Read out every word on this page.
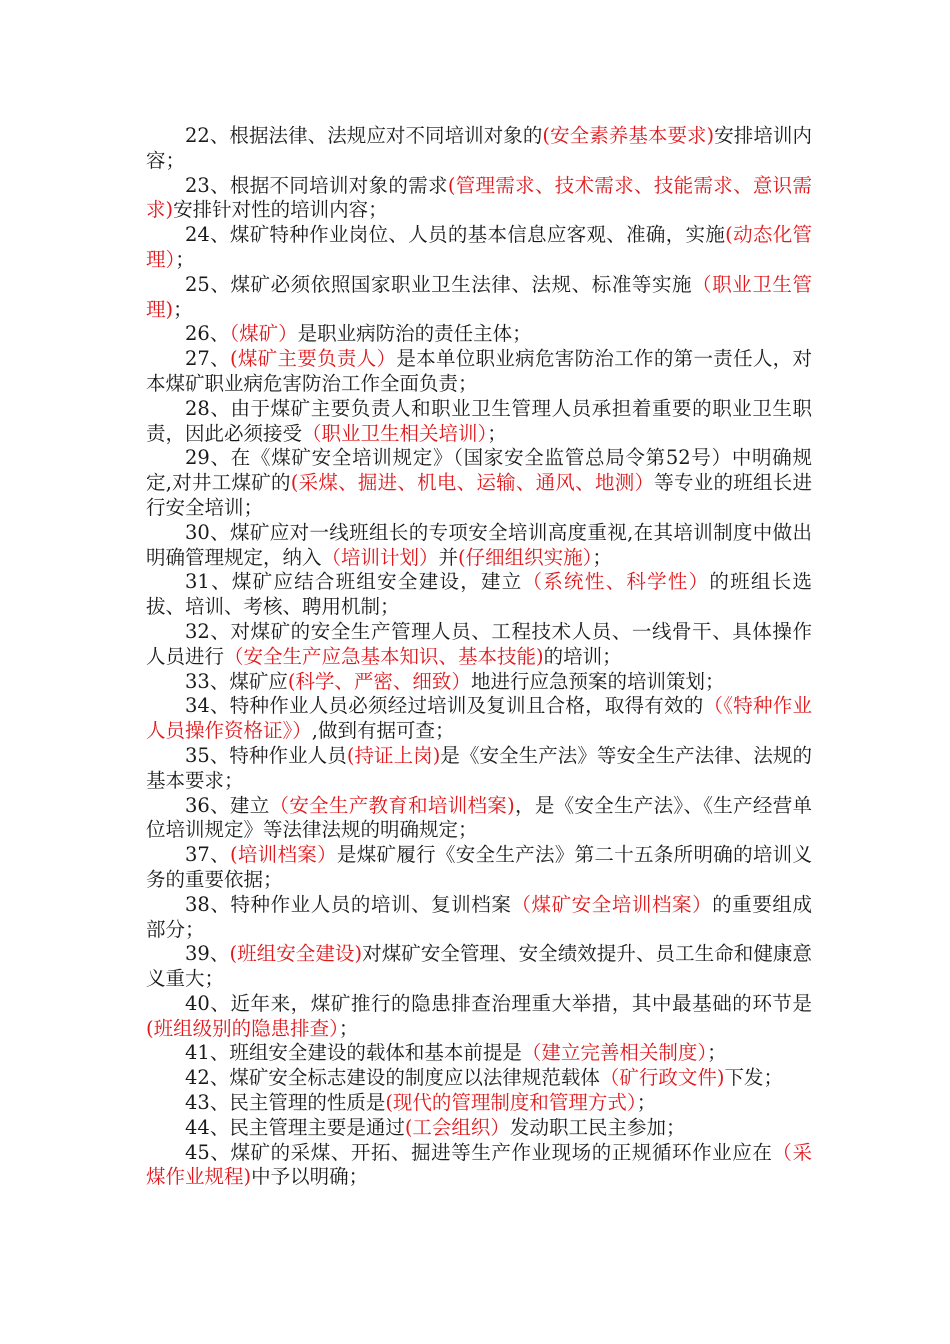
22、根据法律、法规应对不同培训对象的(安全素养基本要求)安排培训内容；

23、根据不同培训对象的需求(管理需求、技术需求、技能需求、意识需求)安排针对性的培训内容；

24、煤矿特种作业岗位、人员的基本信息应客观、准确，实施(动态化管理）；

25、煤矿必须依照国家职业卫生法律、法规、标准等实施（职业卫生管理)；

26、（煤矿）是职业病防治的责任主体；

27、(煤矿主要负责人）是本单位职业病危害防治工作的第一责任人，对本煤矿职业病危害防治工作全面负责；

28、由于煤矿主要负责人和职业卫生管理人员承担着重要的职业卫生职责，因此必须接受（职业卫生相关培训）；

29、在《煤矿安全培训规定》（国家安全监管总局令第52号）中明确规定,对井工煤矿的(采煤、掘进、机电、运输、通风、地测）等专业的班组长进行安全培训；

30、煤矿应对一线班组长的专项安全培训高度重视,在其培训制度中做出明确管理规定，纳入（培训计划）并(仔细组织实施）；

31、煤矿应结合班组安全建设，建立（系统性、科学性）的班组长选拔、培训、考核、聘用机制；

32、对煤矿的安全生产管理人员、工程技术人员、一线骨干、具体操作人员进行（安全生产应急基本知识、基本技能)的培训；

33、煤矿应(科学、严密、细致）地进行应急预案的培训策划；

34、特种作业人员必须经过培训及复训且合格，取得有效的（《特种作业人员操作资格证》）,做到有据可查；

35、特种作业人员(持证上岗)是《安全生产法》等安全生产法律、法规的基本要求；

36、建立（安全生产教育和培训档案)，是《安全生产法》、《生产经营单位培训规定》等法律法规的明确规定；

37、(培训档案）是煤矿履行《安全生产法》第二十五条所明确的培训义务的重要依据；

38、特种作业人员的培训、复训档案（煤矿安全培训档案）的重要组成部分；

39、(班组安全建设)对煤矿安全管理、安全绩效提升、员工生命和健康意义重大；

40、近年来，煤矿推行的隐患排查治理重大举措，其中最基础的环节是(班组级别的隐患排查）；

41、班组安全建设的载体和基本前提是（建立完善相关制度）；

42、煤矿安全标志建设的制度应以法律规范载体（矿行政文件)下发；

43、民主管理的性质是(现代的管理制度和管理方式）；

44、民主管理主要是通过(工会组织）发动职工民主参加；

45、煤矿的采煤、开拓、掘进等生产作业现场的正规循环作业应在（采煤作业规程)中予以明确；
